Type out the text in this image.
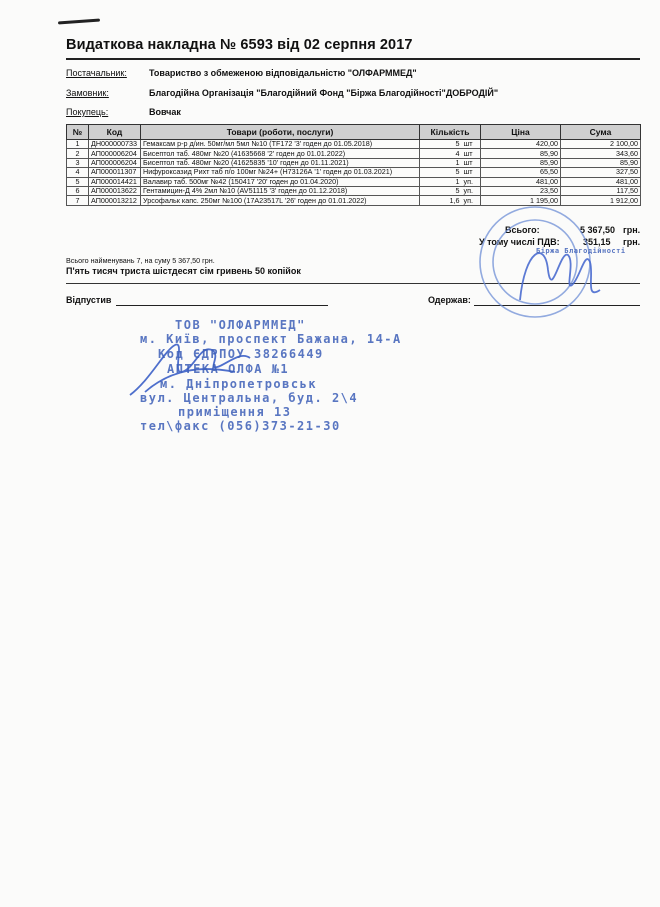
Видаткова накладна № 6593 від 02 серпня 2017
Постачальник: Товариство з обмеженою відповідальністю "ОЛФАРММЕД"
Замовник:	Благодійна Організація "Благодійний Фонд "Біржа Благодійності"ДОБРОДІЙ"
Покупець:	Вовчак
№	Код	Товари (роботи, послуги)	Кількість		Ціна	Сума
1	ДН000000733	Гемаксам р-р д/ин. 50мг/мл 5мл №10 (ТF172 '3' годен до 01.05.2018)	5	шт	420,00	2 100,00
2	АП000006204	Бисептол таб. 480мг №20 (41635668 '2' годен до 01.01.2022)	4	шт	85,90	343,60
3	АП000006204	Бисептол таб. 480мг №20 (41625835 '10' годен до 01.11.2021)	1	шт	85,90	85,90
4	АП000011307	Нифуроксазид Рихт таб п/о 100мг №24+ (Н73126А '1' годен до 01.03.2021)	5	шт	65,50	327,50
5	АП000014421	Валавир таб. 500мг №42 (150417 '20' годен до 01.04.2020)	1	уп.	481,00	481,00
6	АП000013622	Гентамицин-Д 4% 2мл №10 (AV51115 '3' годен до 01.12.2018)	5	уп.	23,50	117,50
7	АП000013212	Урсофальк капс. 250мг №100 (17А23517L '26' годен до 01.01.2022)	1,6	уп.	1 195,00	1 912,00
Всього:	5 367,50 грн.
У тому числі ПДВ:	351,15 грн.
Всього найменувань 7, на суму 5 367,50 грн.
П'ять тисяч триста шістдесят сім гривень 50 копійок
Відпустив	Одержав:
Біржа Благодійності
ТОВ "ОЛФАРММЕД"
м. Київ, проспект Бажана, 14-А
Код ЄДРПОУ 38266449
АПТЕКА ОЛФА №1
м. Дніпропетровськ
вул. Центральна, буд. 2\4
приміщення 13
тел\факс (056)373-21-30
